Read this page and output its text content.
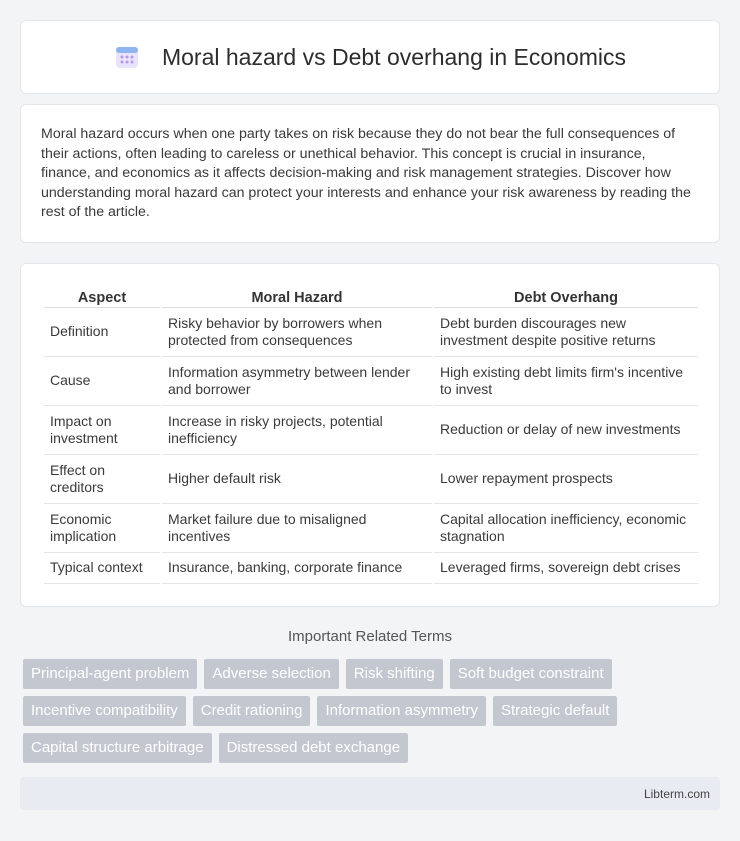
Moral hazard vs Debt overhang in Economics

Moral hazard occurs when one party takes on risk because they do not bear the full consequences of their actions, often leading to careless or unethical behavior. This concept is crucial in insurance, finance, and economics as it affects decision-making and risk management strategies. Discover how understanding moral hazard can protect your interests and enhance your risk awareness by reading the rest of the article.

Aspect	Moral Hazard	Debt Overhang
Definition	Risky behavior by borrowers when protected from consequences	Debt burden discourages new investment despite positive returns
Cause	Information asymmetry between lender and borrower	High existing debt limits firm's incentive to invest
Impact on investment	Increase in risky projects, potential inefficiency	Reduction or delay of new investments
Effect on creditors	Higher default risk	Lower repayment prospects
Economic implication	Market failure due to misaligned incentives	Capital allocation inefficiency, economic stagnation
Typical context	Insurance, banking, corporate finance	Leveraged firms, sovereign debt crises
Important Related Terms
Principal-agent problem	Adverse selection	Risk shifting	Soft budget constraint
Incentive compatibility	Credit rationing	Information asymmetry	Strategic default
Capital structure arbitrage	Distressed debt exchange
Libterm.com
